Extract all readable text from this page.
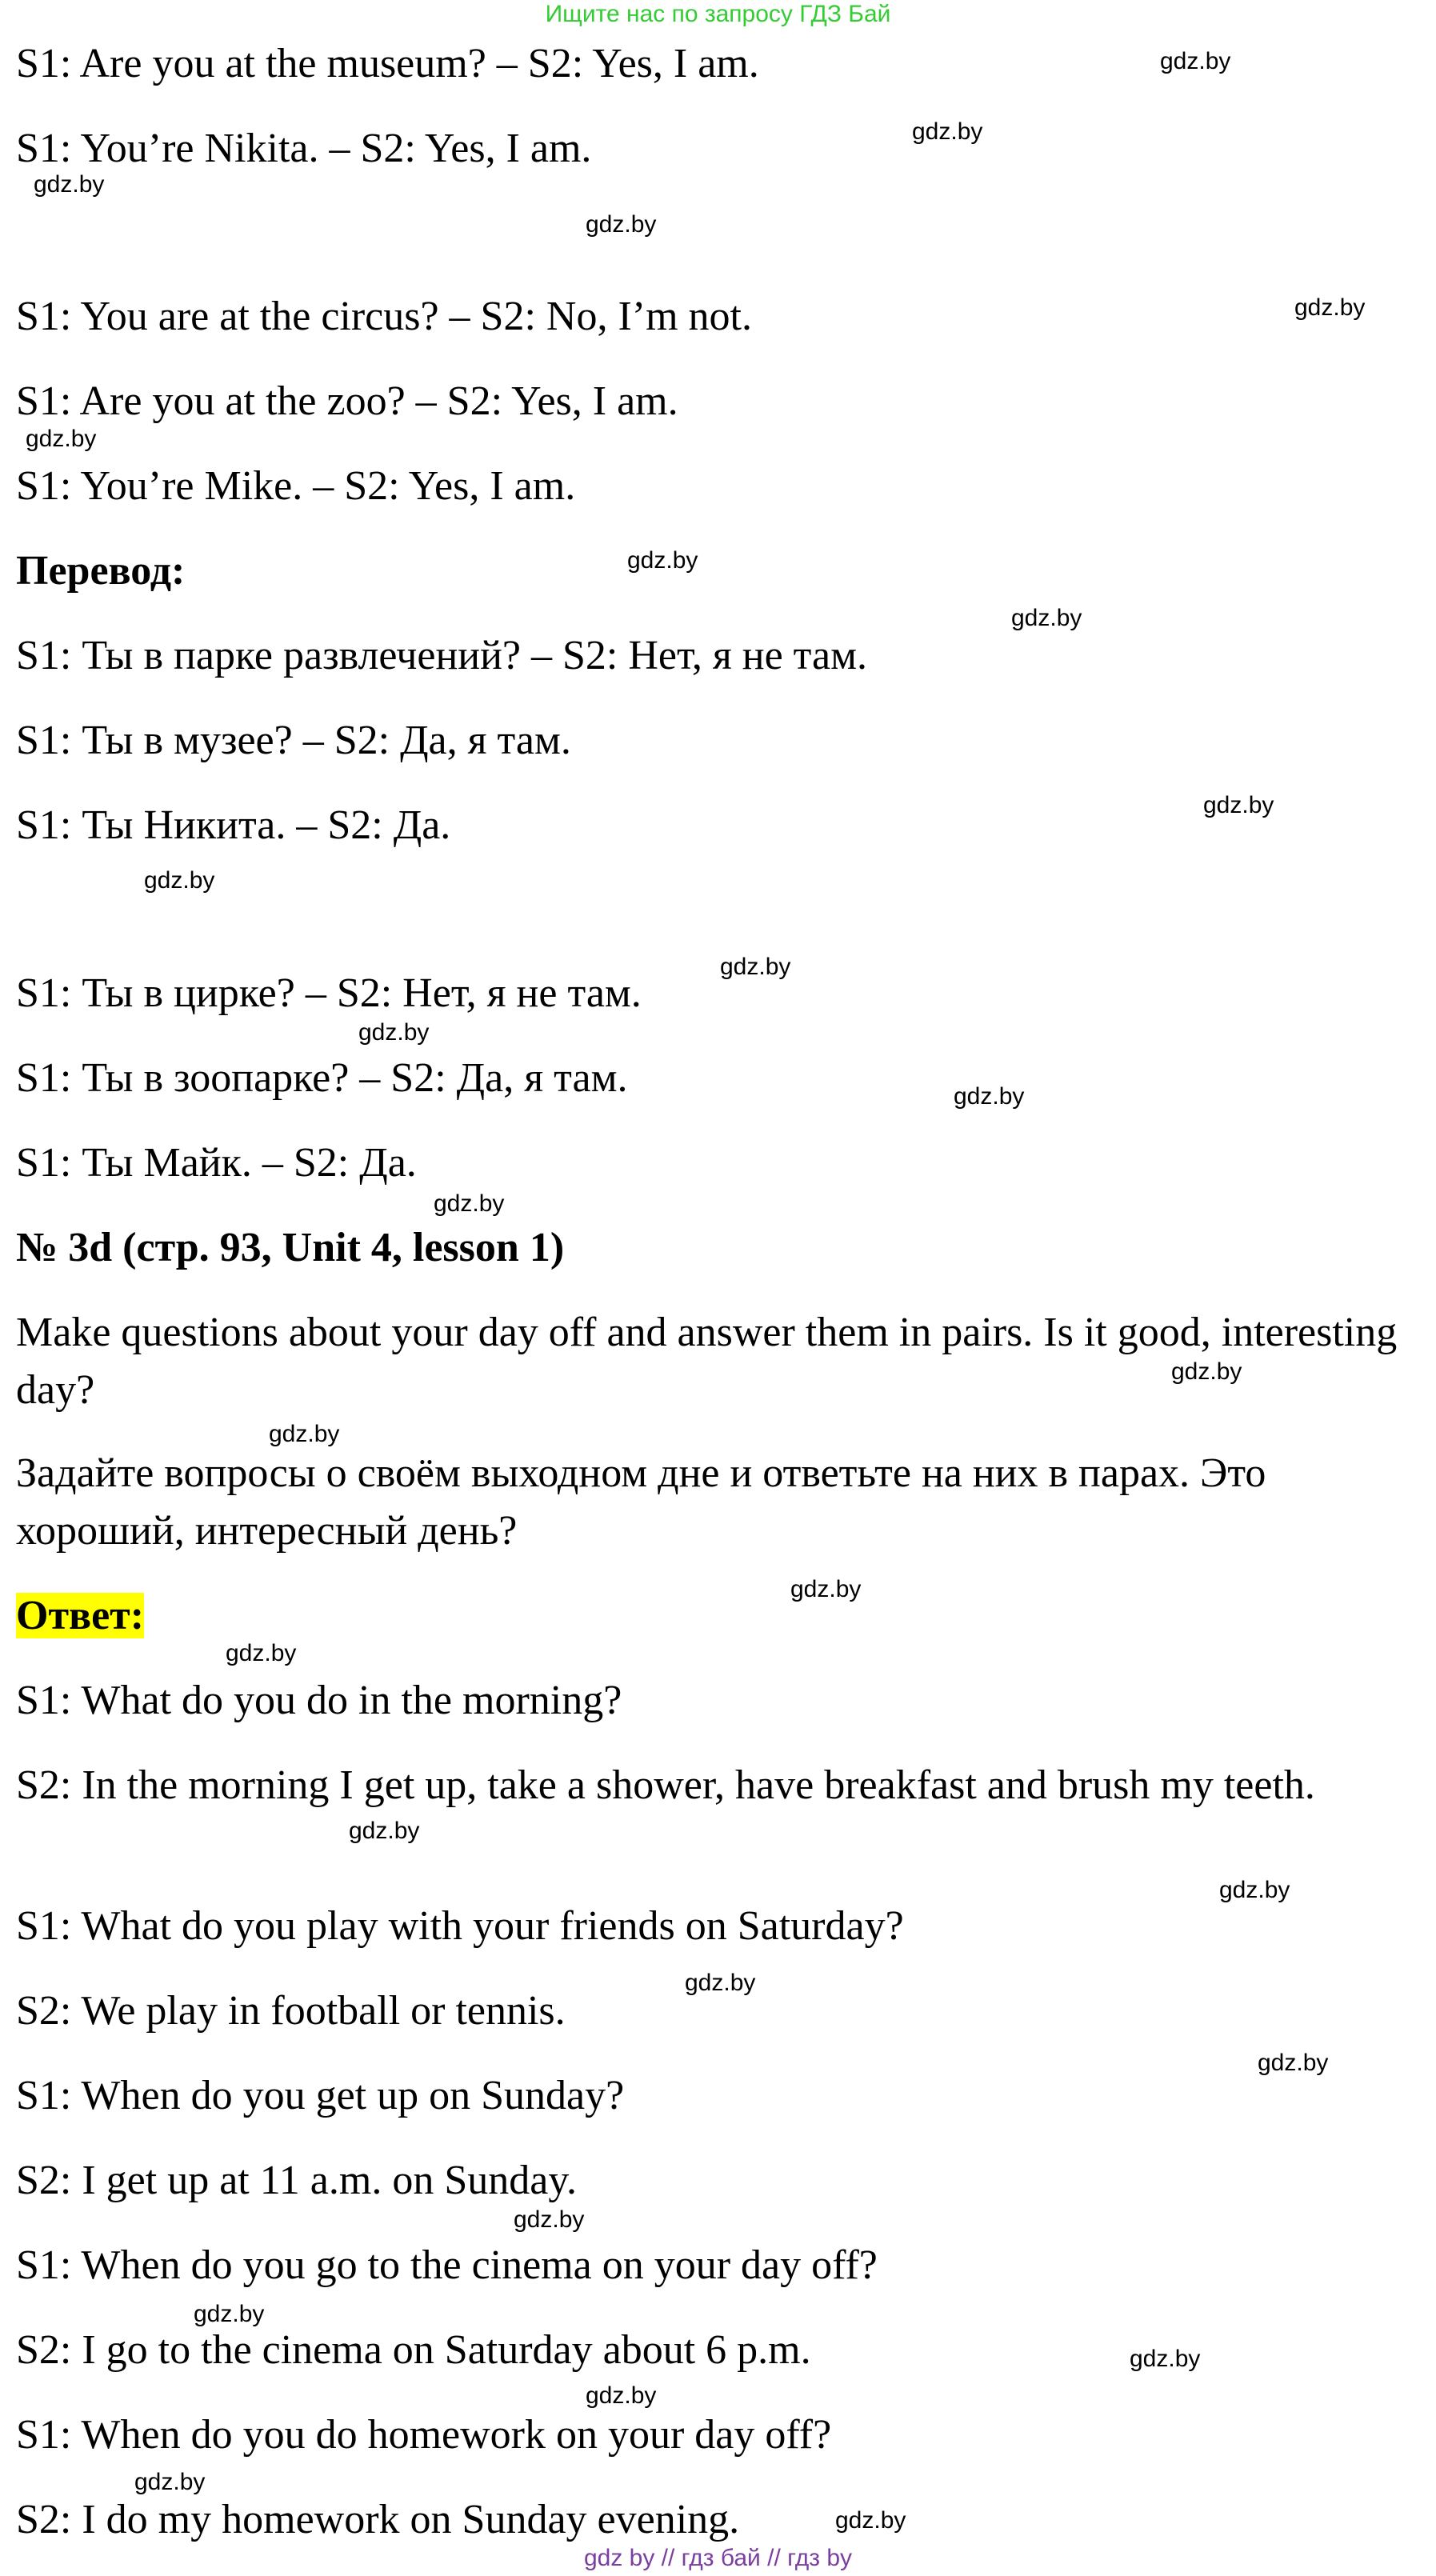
Ищите нас по запросу ГДЗ Бай
S1: Are you at the museum? – S2: Yes, I am.
S1: You’re Nikita. – S2: Yes, I am.
S1: You are at the circus? – S2: No, I’m not.
S1: Are you at the zoo? – S2: Yes, I am.
S1: You’re Mike. – S2: Yes, I am.
Перевод:
S1: Ты в парке развлечений? – S2: Нет, я не там.
S1: Ты в музее? – S2: Да, я там.
S1: Ты Никита. – S2: Да.
S1: Ты в цирке? – S2: Нет, я не там.
S1: Ты в зоопарке? – S2: Да, я там.
S1: Ты Майк. – S2: Да.
№ 3d (стр. 93, Unit 4, lesson 1)
Make questions about your day off and answer them in pairs. Is it good, interesting day?
Задайте вопросы о своём выходном дне и ответьте на них в парах. Это хороший, интересный день?
Ответ:
S1: What do you do in the morning?
S2: In the morning I get up, take a shower, have breakfast and brush my teeth.
S1: What do you play with your friends on Saturday?
S2: We play in football or tennis.
S1: When do you get up on Sunday?
S2: I get up at 11 a.m. on Sunday.
S1: When do you go to the cinema on your day off?
S2: I go to the cinema on Saturday about 6 p.m.
S1: When do you do homework on your day off?
S2: I do my homework on Sunday evening.
gdz.by
gdz.by
gdz.by
gdz.by
gdz.by
gdz.by
gdz.by
gdz.by
gdz.by
gdz.by
gdz.by
gdz.by
gdz.by
gdz.by
gdz.by
gdz.by
gdz.by
gdz.by
gdz.by
gdz.by
gdz.by
gdz.by
gdz.by
gdz.by
gdz.by
gdz.by
gdz.by
gdz.by
gdz by // гдз бай // гдз by
